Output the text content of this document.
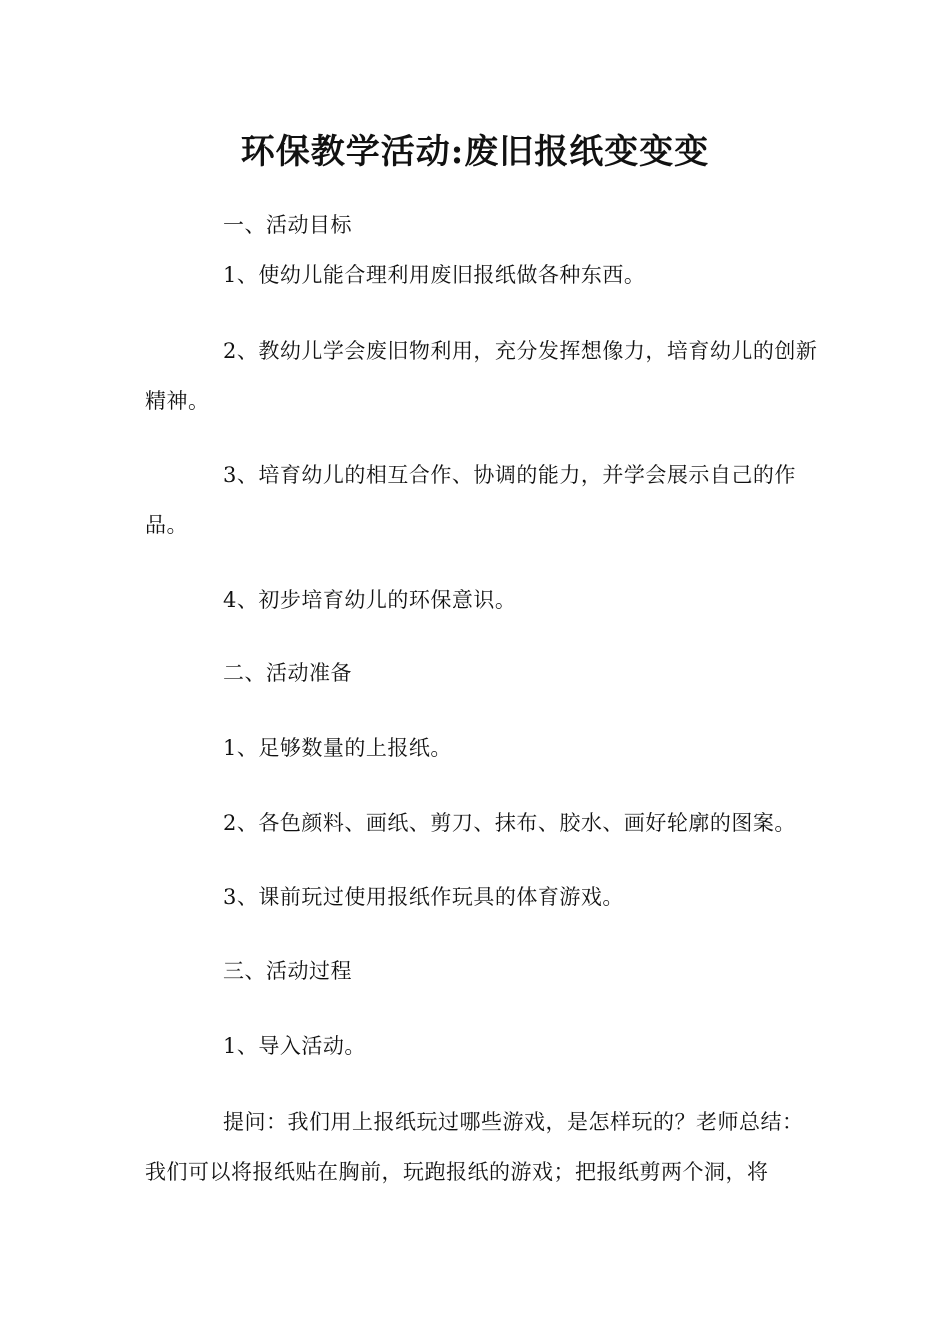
环保教学活动:废旧报纸变变变
一、活动目标
1、使幼儿能合理利用废旧报纸做各种东西。
2、教幼儿学会废旧物利用，充分发挥想像力，培育幼儿的创新精神。
3、培育幼儿的相互合作、协调的能力，并学会展示自己的作品。
4、初步培育幼儿的环保意识。
二、活动准备
1、足够数量的上报纸。
2、各色颜料、画纸、剪刀、抹布、胶水、画好轮廓的图案。
3、课前玩过使用报纸作玩具的体育游戏。
三、活动过程
1、导入活动。
提问：我们用上报纸玩过哪些游戏，是怎样玩的？老师总结：我们可以将报纸贴在胸前，玩跑报纸的游戏；把报纸剪两个洞，将
